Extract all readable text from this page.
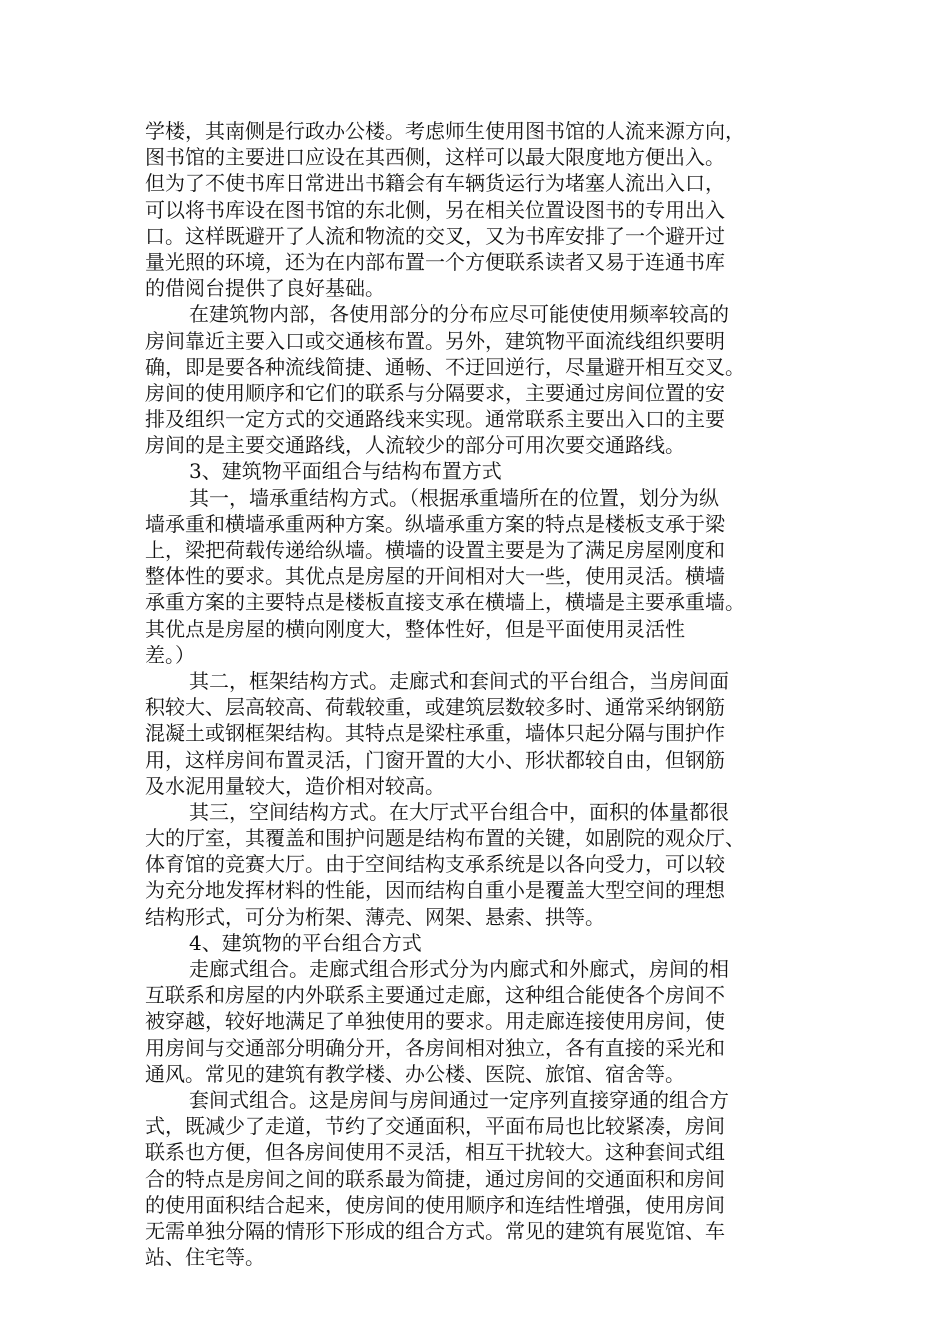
学楼，其南侧是行政办公楼。考虑师生使用图书馆的人流来源方向，
图书馆的主要进口应设在其西侧，这样可以最大限度地方便出入。
但为了不使书库日常进出书籍会有车辆货运行为堵塞人流出入口，
可以将书库设在图书馆的东北侧，另在相关位置设图书的专用出入
口。这样既避开了人流和物流的交叉，又为书库安排了一个避开过
量光照的环境，还为在内部布置一个方便联系读者又易于连通书库
的借阅台提供了良好基础。
在建筑物内部，各使用部分的分布应尽可能使使用频率较高的
房间靠近主要入口或交通核布置。另外，建筑物平面流线组织要明
确，即是要各种流线简捷、通畅、不迂回逆行，尽量避开相互交叉。
房间的使用顺序和它们的联系与分隔要求，主要通过房间位置的安
排及组织一定方式的交通路线来实现。通常联系主要出入口的主要
房间的是主要交通路线，人流较少的部分可用次要交通路线。
3、建筑物平面组合与结构布置方式
其一，墙承重结构方式。（根据承重墙所在的位置，划分为纵
墙承重和横墙承重两种方案。纵墙承重方案的特点是楼板支承于梁
上，梁把荷载传递给纵墙。横墙的设置主要是为了满足房屋刚度和
整体性的要求。其优点是房屋的开间相对大一些，使用灵活。横墙
承重方案的主要特点是楼板直接支承在横墙上，横墙是主要承重墙。
其优点是房屋的横向刚度大，整体性好，但是平面使用灵活性
差。）
其二，框架结构方式。走廊式和套间式的平台组合，当房间面
积较大、层高较高、荷载较重，或建筑层数较多时、通常采纳钢筋
混凝土或钢框架结构。其特点是梁柱承重，墙体只起分隔与围护作
用，这样房间布置灵活，门窗开置的大小、形状都较自由，但钢筋
及水泥用量较大，造价相对较高。
其三，空间结构方式。在大厅式平台组合中，面积的体量都很
大的厅室，其覆盖和围护问题是结构布置的关键，如剧院的观众厅、
体育馆的竞赛大厅。由于空间结构支承系统是以各向受力，可以较
为充分地发挥材料的性能，因而结构自重小是覆盖大型空间的理想
结构形式，可分为桁架、薄壳、网架、悬索、拱等。
4、建筑物的平台组合方式
走廊式组合。走廊式组合形式分为内廊式和外廊式，房间的相
互联系和房屋的内外联系主要通过走廊，这种组合能使各个房间不
被穿越，较好地满足了单独使用的要求。用走廊连接使用房间，使
用房间与交通部分明确分开，各房间相对独立，各有直接的采光和
通风。常见的建筑有教学楼、办公楼、医院、旅馆、宿舍等。
套间式组合。这是房间与房间通过一定序列直接穿通的组合方
式，既减少了走道，节约了交通面积，平面布局也比较紧凑，房间
联系也方便，但各房间使用不灵活，相互干扰较大。这种套间式组
合的特点是房间之间的联系最为简捷，通过房间的交通面积和房间
的使用面积结合起来，使房间的使用顺序和连结性增强，使用房间
无需单独分隔的情形下形成的组合方式。常见的建筑有展览馆、车
站、住宅等。
